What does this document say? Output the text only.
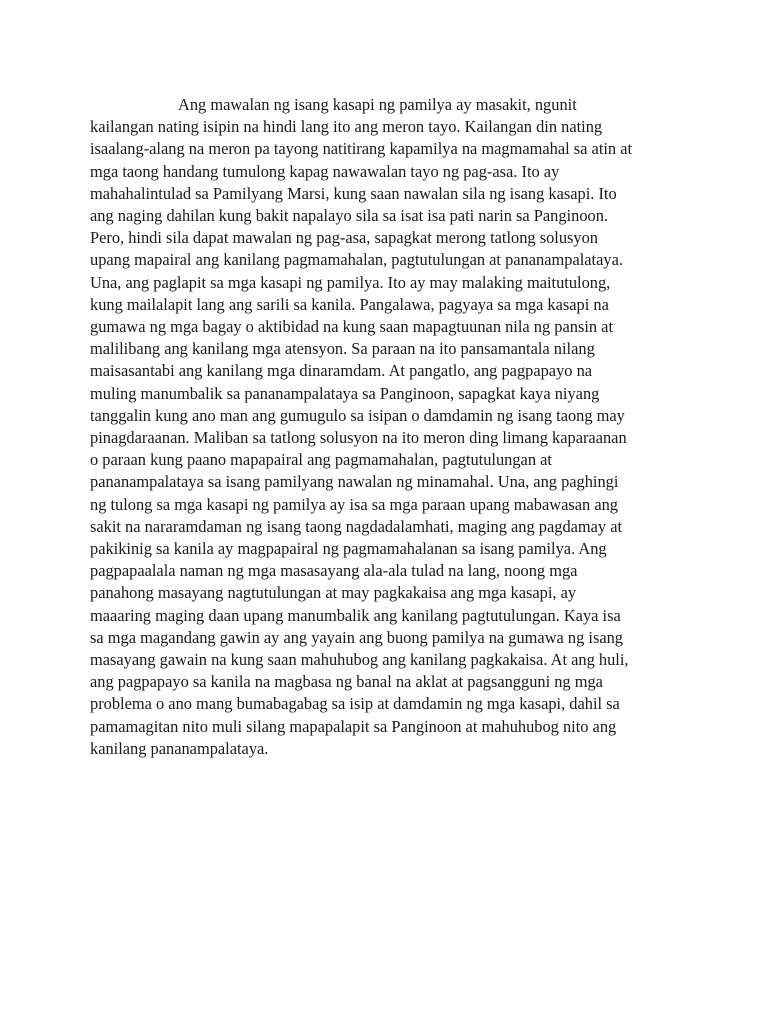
Ang mawalan ng isang kasapi ng pamilya ay masakit, ngunit
kailangan nating isipin na hindi lang ito ang meron tayo. Kailangan din nating
isaalang-alang na meron pa tayong natitirang kapamilya na magmamahal sa atin at
mga taong handang tumulong kapag nawawalan tayo ng pag-asa. Ito ay
mahahalintulad sa Pamilyang Marsi, kung saan nawalan sila ng isang kasapi. Ito
ang naging dahilan kung bakit napalayo sila sa isat isa pati narin sa Panginoon.
Pero, hindi sila dapat mawalan ng pag-asa, sapagkat merong tatlong solusyon
upang mapairal ang kanilang pagmamahalan, pagtutulungan at pananampalataya.
Una, ang paglapit sa mga kasapi ng pamilya. Ito ay may malaking maitutulong,
kung mailalapit lang ang sarili sa kanila. Pangalawa, pagyaya sa mga kasapi na
gumawa ng mga bagay o aktibidad na kung saan mapagtuunan nila ng pansin at
malilibang ang kanilang mga atensyon. Sa paraan na ito pansamantala nilang
maisasantabi ang kanilang mga dinaramdam. At pangatlo, ang pagpapayo na
muling manumbalik sa pananampalataya sa Panginoon, sapagkat kaya niyang
tanggalin kung ano man ang gumugulo sa isipan o damdamin ng isang taong may
pinagdaraanan. Maliban sa tatlong solusyon na ito meron ding limang kaparaanan
o paraan kung paano mapapairal ang pagmamahalan, pagtutulungan at
pananampalataya sa isang pamilyang nawalan ng minamahal. Una, ang paghingi
ng tulong sa mga kasapi ng pamilya ay isa sa mga paraan upang mabawasan ang
sakit na nararamdaman ng isang taong nagdadalamhati, maging ang pagdamay at
pakikinig sa kanila ay magpapairal ng pagmamahalanan sa isang pamilya. Ang
pagpapaalala naman ng mga masasayang ala-ala tulad na lang, noong mga
panahong masayang nagtutulungan at may pagkakaisa ang mga kasapi, ay
maaaring maging daan upang manumbalik ang kanilang pagtutulungan. Kaya isa
sa mga magandang gawin ay ang yayain ang buong pamilya na gumawa ng isang
masayang gawain na kung saan mahuhubog ang kanilang pagkakaisa. At ang huli,
ang pagpapayo sa kanila na magbasa ng banal na aklat at pagsangguni ng mga
problema o ano mang bumabagabag sa isip at damdamin ng mga kasapi, dahil sa
pamamagitan nito muli silang mapapalapit sa Panginoon at mahuhubog nito ang
kanilang pananampalataya.
